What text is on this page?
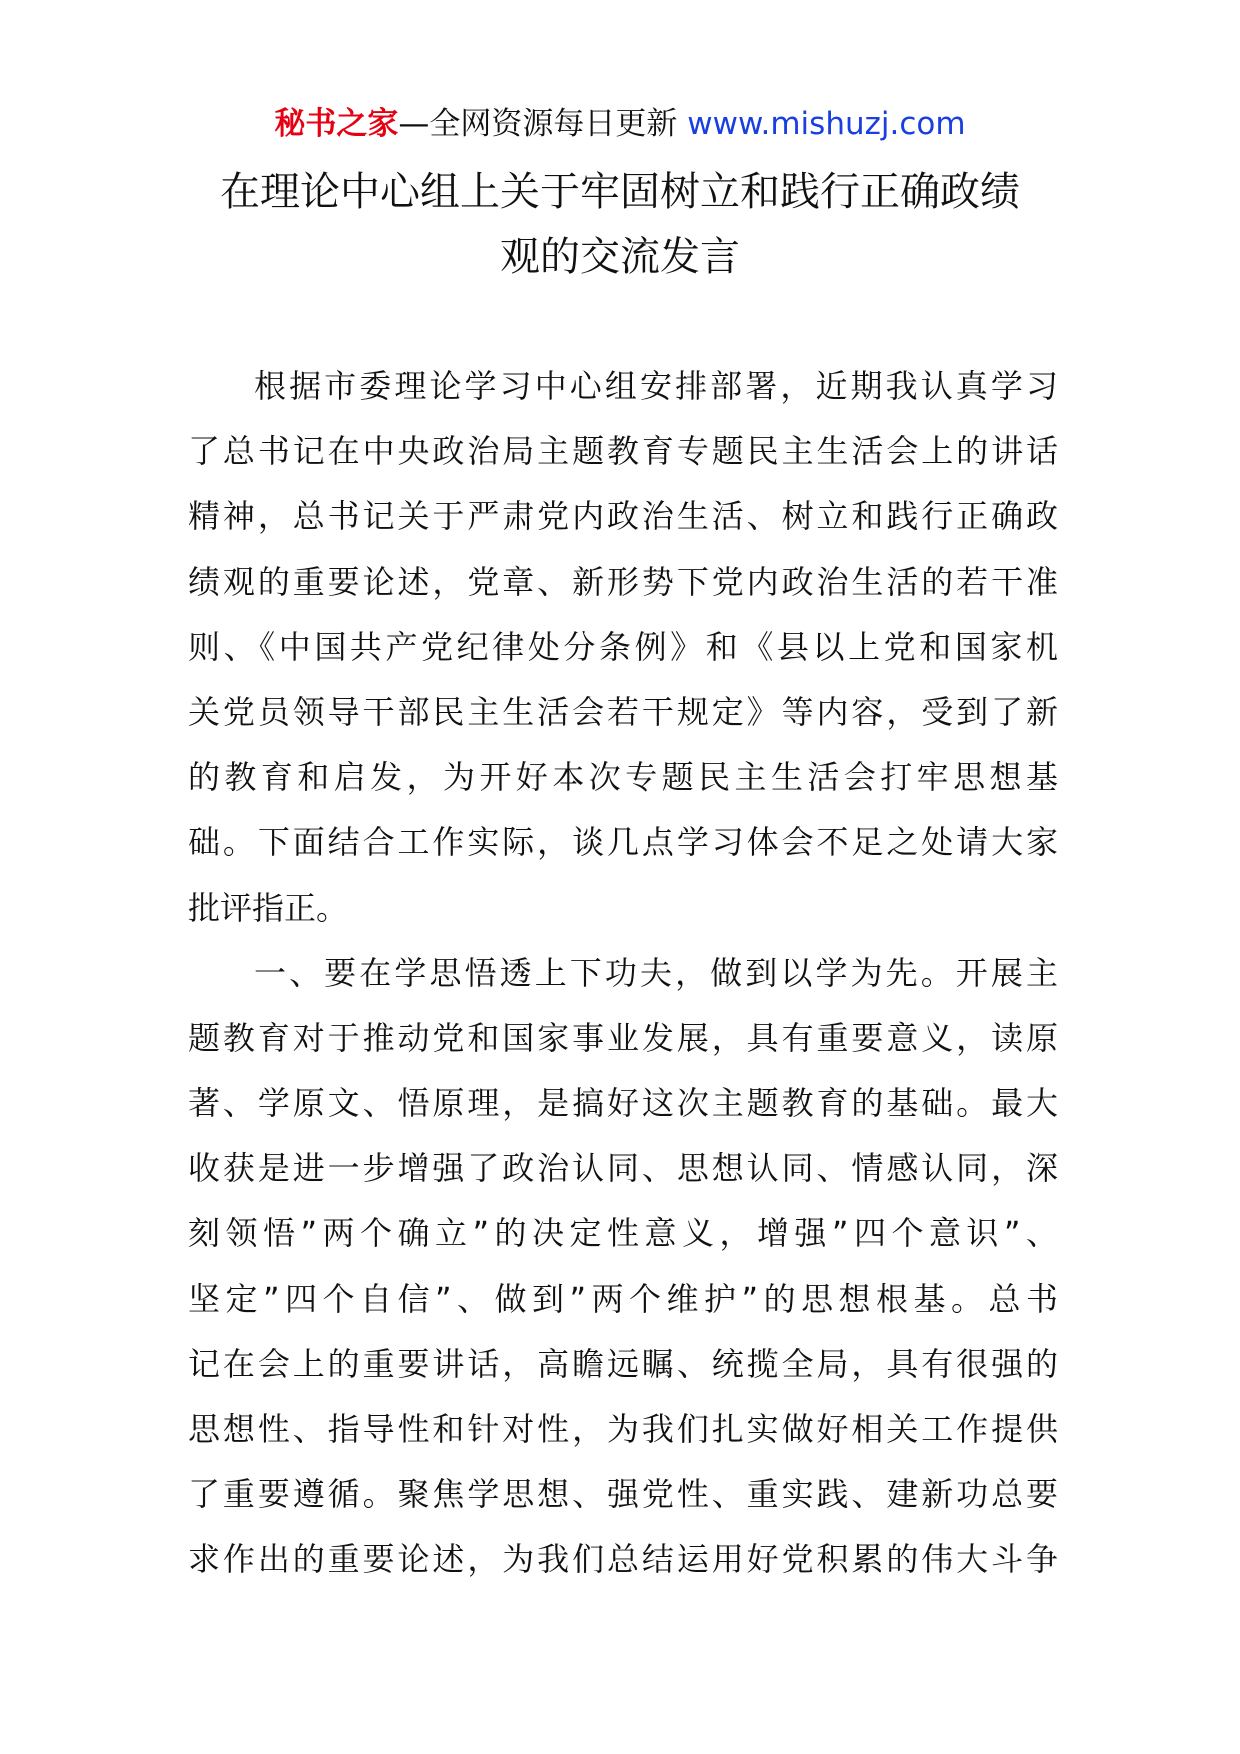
秘书之家—全网资源每日更新 www.mishuzj.com
在理论中心组上关于牢固树立和践行正确政绩
观的交流发言
根据市委理论学习中心组安排部署，近期我认真学习
了总书记在中央政治局主题教育专题民主生活会上的讲话
精神，总书记关于严肃党内政治生活、树立和践行正确政
绩观的重要论述，党章、新形势下党内政治生活的若干准
则、《中国共产党纪律处分条例》和《县以上党和国家机
关党员领导干部民主生活会若干规定》等内容，受到了新
的教育和启发，为开好本次专题民主生活会打牢思想基
础。下面结合工作实际，谈几点学习体会不足之处请大家
批评指正。
一、要在学思悟透上下功夫，做到以学为先。开展主
题教育对于推动党和国家事业发展，具有重要意义，读原
著、学原文、悟原理，是搞好这次主题教育的基础。最大
收获是进一步增强了政治认同、思想认同、情感认同，深
刻领悟”两个确立”的决定性意义，增强”四个意识”、
坚定”四个自信”、做到”两个维护”的思想根基。总书
记在会上的重要讲话，高瞻远瞩、统揽全局，具有很强的
思想性、指导性和针对性，为我们扎实做好相关工作提供
了重要遵循。聚焦学思想、强党性、重实践、建新功总要
求作出的重要论述，为我们总结运用好党积累的伟大斗争
